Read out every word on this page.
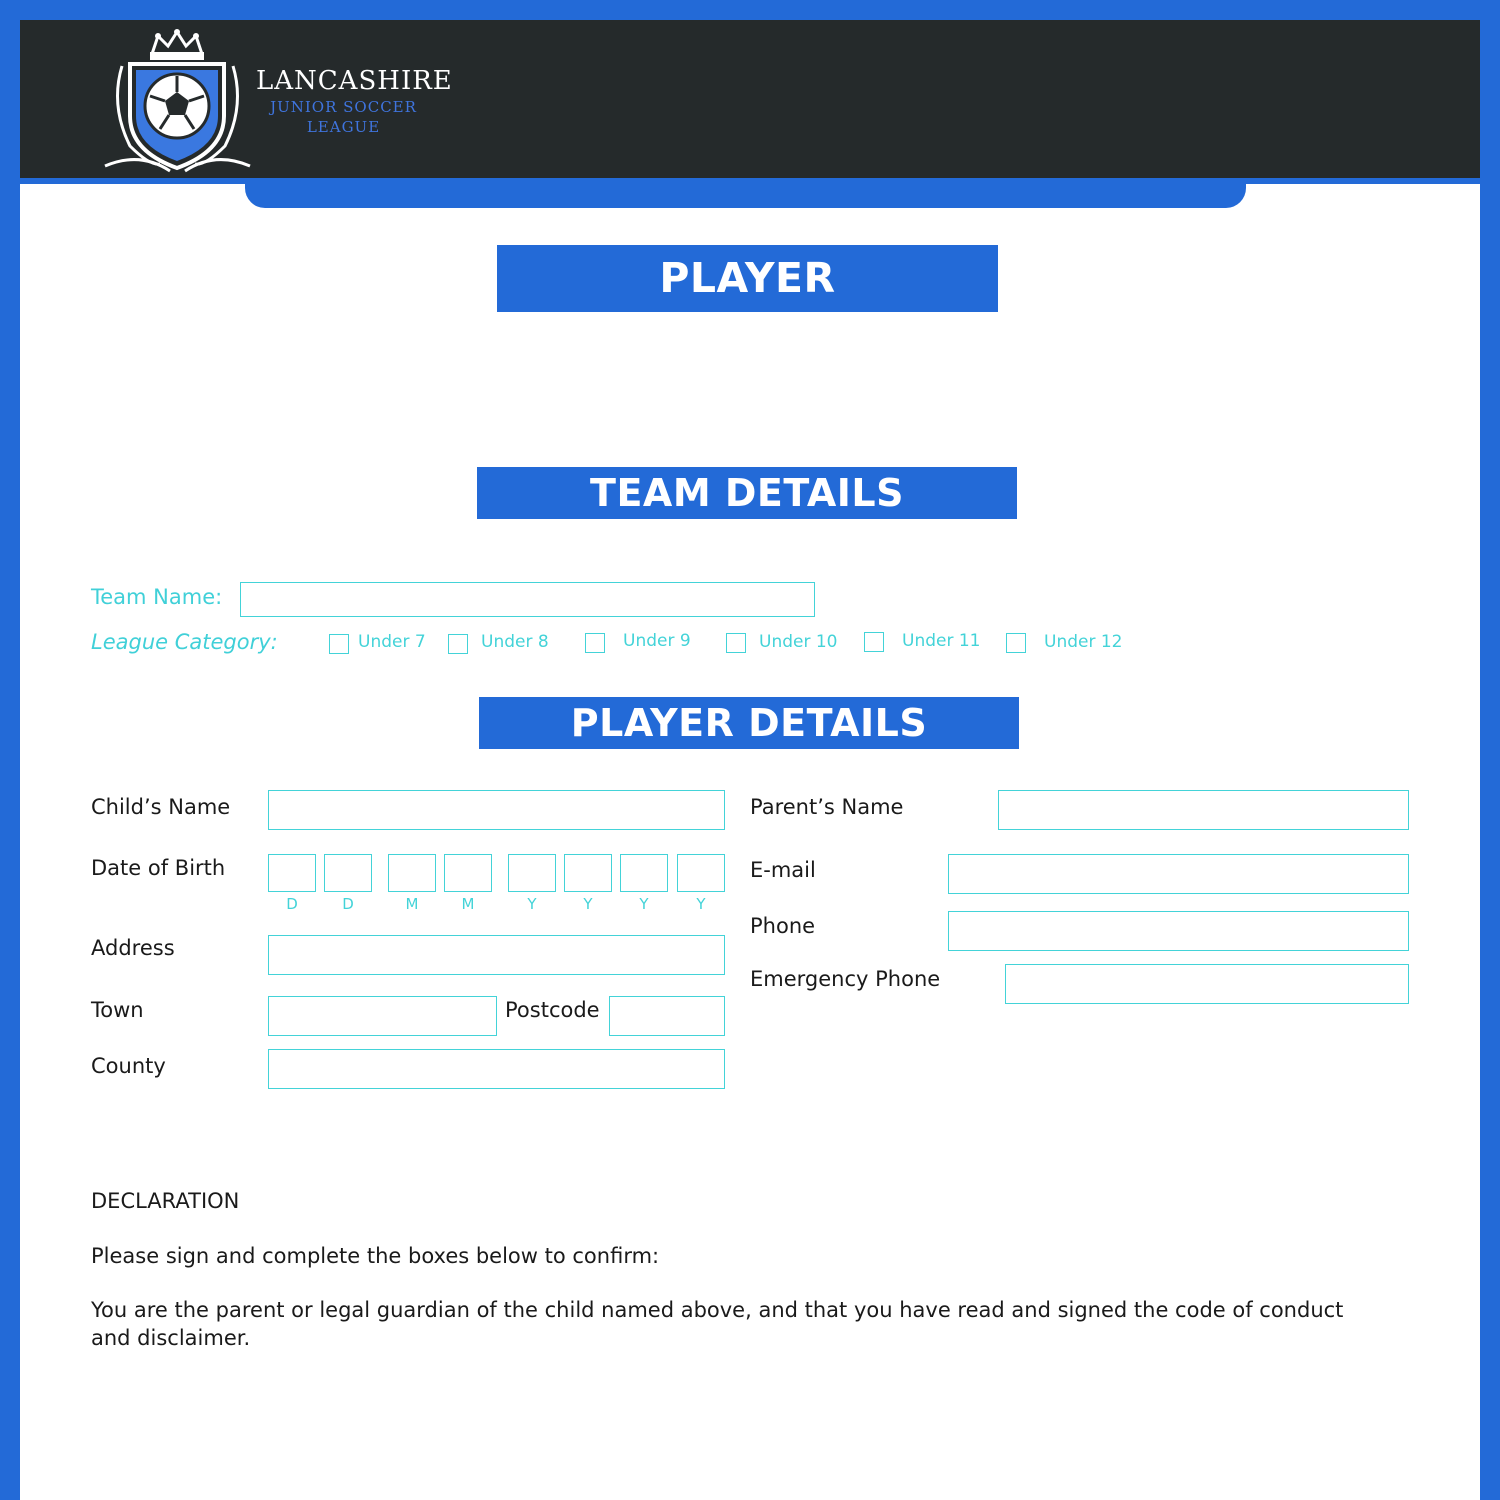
LANCASHIRE
JUNIOR SOCCER
LEAGUE
PLAYER REGISTRATION
TEAM DETAILS
Team Name:
League Category:	Under 7	Under 8	Under 9	Under 10	Under 11	Under 12
PLAYER DETAILS
Child’s Name
Date of Birth
D	D	M	M	Y	Y	Y	Y
Address
Town	Postcode
County
Parent’s Name
E-mail
Phone
Emergency Phone
DECLARATION
Please sign and complete the boxes below to confirm:
You are the parent or legal guardian of the child named above, and that you have read and signed the code of conduct
and disclaimer.
